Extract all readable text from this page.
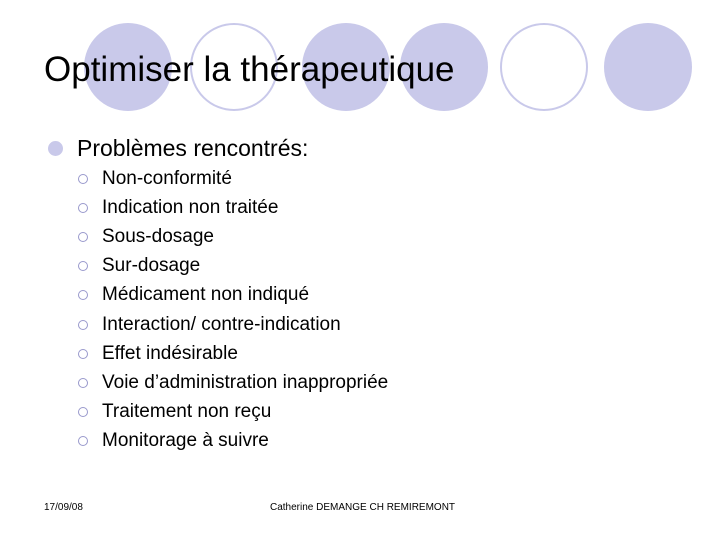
Optimiser la thérapeutique
Problèmes rencontrés:
Non-conformité
Indication non traitée
Sous-dosage
Sur-dosage
Médicament non indiqué
Interaction/ contre-indication
Effet indésirable
Voie d’administration inappropriée
Traitement non reçu
Monitorage à suivre
17/09/08	Catherine DEMANGE CH REMIREMONT
